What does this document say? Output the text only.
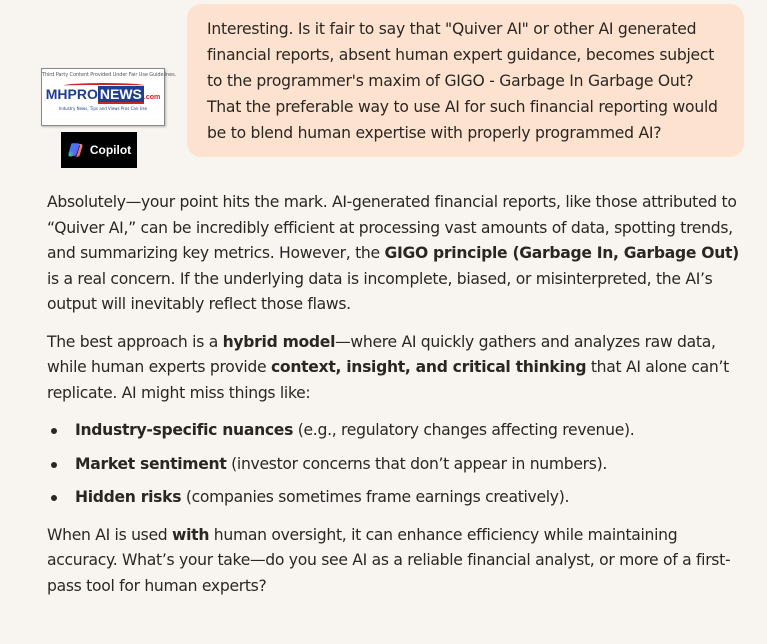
Third Party Content Provided Under Fair Use Guidelines.
MHPRO NEWS .com
Industry News, Tips and Views Pros Can Use
Copilot
Interesting. Is it fair to say that "Quiver AI" or other AI generated financial reports, absent human expert guidance, becomes subject to the programmer's maxim of GIGO - Garbage In Garbage Out? That the preferable way to use AI for such financial reporting would be to blend human expertise with properly programmed AI?

Absolutely—your point hits the mark. AI-generated financial reports, like those attributed to “Quiver AI,” can be incredibly efficient at processing vast amounts of data, spotting trends, and summarizing key metrics. However, the GIGO principle (Garbage In, Garbage Out) is a real concern. If the underlying data is incomplete, biased, or misinterpreted, the AI’s output will inevitably reflect those flaws.

The best approach is a hybrid model—where AI quickly gathers and analyzes raw data, while human experts provide context, insight, and critical thinking that AI alone can’t replicate. AI might miss things like:

Industry-specific nuances (e.g., regulatory changes affecting revenue).
Market sentiment (investor concerns that don’t appear in numbers).
Hidden risks (companies sometimes frame earnings creatively).

When AI is used with human oversight, it can enhance efficiency while maintaining accuracy. What’s your take—do you see AI as a reliable financial analyst, or more of a first-pass tool for human experts?
